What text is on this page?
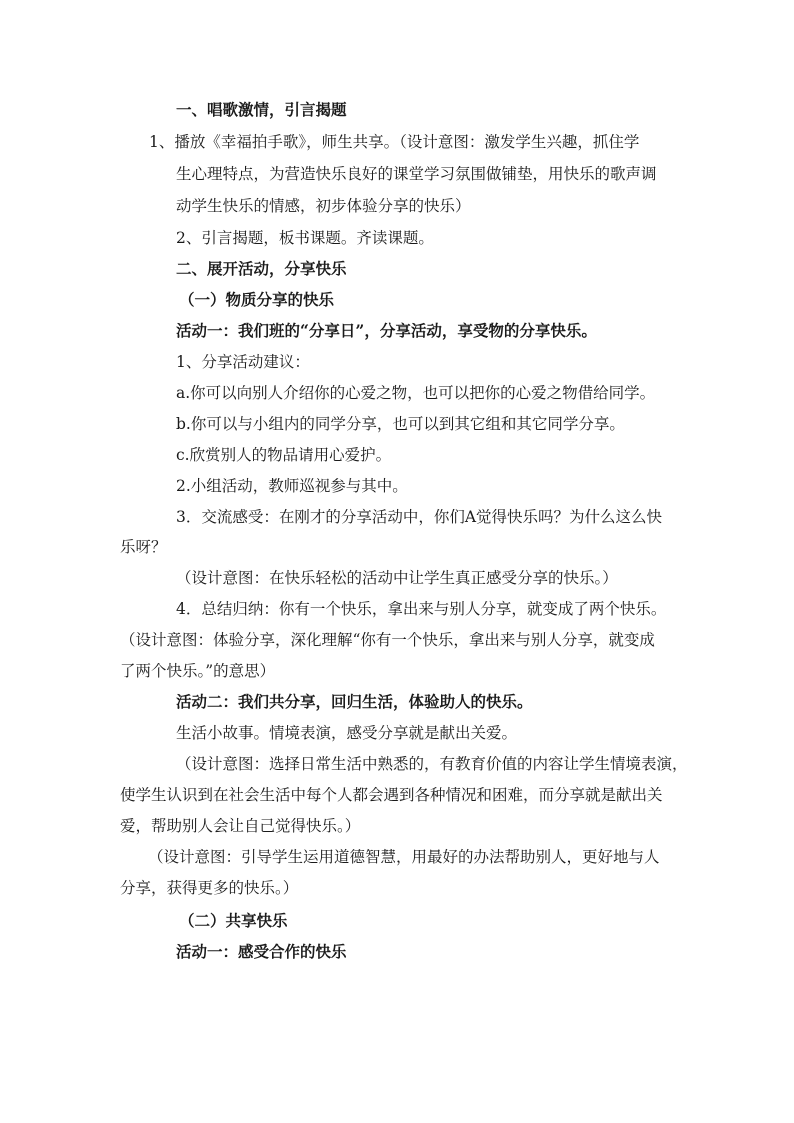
一、唱歌激情，引言揭题
1、播放《幸福拍手歌》，师生共享。（设计意图：激发学生兴趣，抓住学
生心理特点，为营造快乐良好的课堂学习氛围做铺垫，用快乐的歌声调
动学生快乐的情感，初步体验分享的快乐）
2、引言揭题，板书课题。齐读课题。
二、展开活动，分享快乐
（一）物质分享的快乐
活动一：我们班的“分享日”，分享活动，享受物的分享快乐。
1、分享活动建议：
a.你可以向别人介绍你的心爱之物，也可以把你的心爱之物借给同学。
b.你可以与小组内的同学分享，也可以到其它组和其它同学分享。
c.欣赏别人的物品请用心爱护。
2.小组活动，教师巡视参与其中。
3．交流感受：在刚才的分享活动中，你们A觉得快乐吗？为什么这么快
乐呀？
（设计意图：在快乐轻松的活动中让学生真正感受分享的快乐。）
4．总结归纳：你有一个快乐，拿出来与别人分享，就变成了两个快乐。
（设计意图：体验分享，深化理解“你有一个快乐，拿出来与别人分享，就变成
了两个快乐。”的意思）
活动二：我们共分享，回归生活，体验助人的快乐。
生活小故事。情境表演，感受分享就是献出关爱。
（设计意图：选择日常生活中熟悉的，有教育价值的内容让学生情境表演，
使学生认识到在社会生活中每个人都会遇到各种情况和困难，而分享就是献出关
爱，帮助别人会让自己觉得快乐。）
（设计意图：引导学生运用道德智慧，用最好的办法帮助别人，更好地与人
分享，获得更多的快乐。）
（二）共享快乐
活动一：感受合作的快乐
